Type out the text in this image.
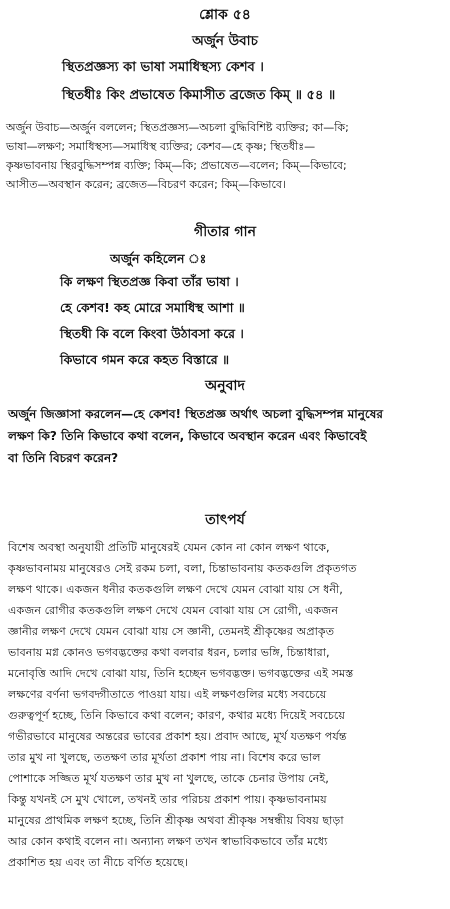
শ্লোক ৫৪
অর্জুন উবাচ
স্থিতপ্রজ্ঞস্য কা ভাষা সমাধিস্থস্য কেশব ।
স্থিতধীঃ কিং প্রভাষেত কিমাসীত ব্রজেত কিম্ ॥ ৫৪ ॥

অর্জুন উবাচ—অর্জুন বললেন; স্থিতপ্রজ্ঞস্য—অচলা বুদ্ধিবিশিষ্ট ব্যক্তির; কা—কি;

ভাষা—লক্ষণ; সমাধিস্থস্য—সমাধিস্থ ব্যক্তির; কেশব—হে কৃষ্ণ; স্থিতধীঃ—

কৃষ্ণভাবনায় স্থিরবুদ্ধিসম্পন্ন ব্যক্তি; কিম্—কি; প্রভাষেত—বলেন; কিম্—কিভাবে;

আসীত—অবস্থান করেন; ব্রজেত—বিচরণ করেন; কিম্—কিভাবে।

গীতার গান
অর্জুন কহিলেন ঃ
কি লক্ষণ স্থিতপ্রজ্ঞ কিবা তাঁর ভাষা ।
হে কেশব! কহ মোরে সমাধিস্থ আশা ॥
স্থিতধী কি বলে কিংবা উঠাবসা করে ।
কিভাবে গমন করে কহত বিস্তারে ॥
অনুবাদ
অর্জুন জিজ্ঞাসা করলেন—হে কেশব! স্থিতপ্রজ্ঞ অর্থাৎ অচলা বুদ্ধিসম্পন্ন মানুষের
লক্ষণ কি? তিনি কিভাবে কথা বলেন, কিভাবে অবস্থান করেন এবং কিভাবেই
বা তিনি বিচরণ করেন?
তাৎপর্য

বিশেষ অবস্থা অনুযায়ী প্রতিটি মানুষেরই যেমন কোন না কোন লক্ষণ থাকে,

কৃষ্ণভাবনাময় মানুষেরও সেই রকম চলা, বলা, চিন্তাভাবনায় কতকগুলি প্রকৃতগত

লক্ষণ থাকে। একজন ধনীর কতকগুলি লক্ষণ দেখে যেমন বোঝা যায় সে ধনী,

একজন রোগীর কতকগুলি লক্ষণ দেখে যেমন বোঝা যায় সে রোগী, একজন

জ্ঞানীর লক্ষণ দেখে যেমন বোঝা যায় সে জ্ঞানী, তেমনই শ্রীকৃষ্ণের অপ্রাকৃত

ভাবনায় মগ্ন কোনও ভগবদ্ভক্তের কথা বলবার ধরন, চলার ভঙ্গি, চিন্তাধারা,

মনোবৃত্তি আদি দেখে বোঝা যায়, তিনি হচ্ছেন ভগবদ্ভক্ত। ভগবদ্ভক্তের এই সমস্ত

লক্ষণের বর্ণনা ভগবদ্গীতাতে পাওয়া যায়। এই লক্ষণগুলির মধ্যে সবচেয়ে

গুরুত্বপূর্ণ হচ্ছে, তিনি কিভাবে কথা বলেন; কারণ, কথার মধ্যে দিয়েই সবচেয়ে

গভীরভাবে মানুষের অন্তরের ভাবের প্রকাশ হয়। প্রবাদ আছে, মূর্খ যতক্ষণ পর্যন্ত

তার মুখ না খুলছে, ততক্ষণ তার মূর্খতা প্রকাশ পায় না। বিশেষ করে ভাল

পোশাকে সজ্জিত মূর্খ যতক্ষণ তার মুখ না খুলছে, তাকে চেনার উপায় নেই,

কিন্তু যখনই সে মুখ খোলে, তখনই তার পরিচয় প্রকাশ পায়। কৃষ্ণভাবনাময়

মানুষের প্রাথমিক লক্ষণ হচ্ছে, তিনি শ্রীকৃষ্ণ অথবা শ্রীকৃষ্ণ সম্বন্ধীয় বিষয় ছাড়া

আর কোন কথাই বলেন না। অন্যান্য লক্ষণ তখন স্বাভাবিকভাবে তাঁর মধ্যে

প্রকাশিত হয় এবং তা নীচে বর্ণিত হয়েছে।
